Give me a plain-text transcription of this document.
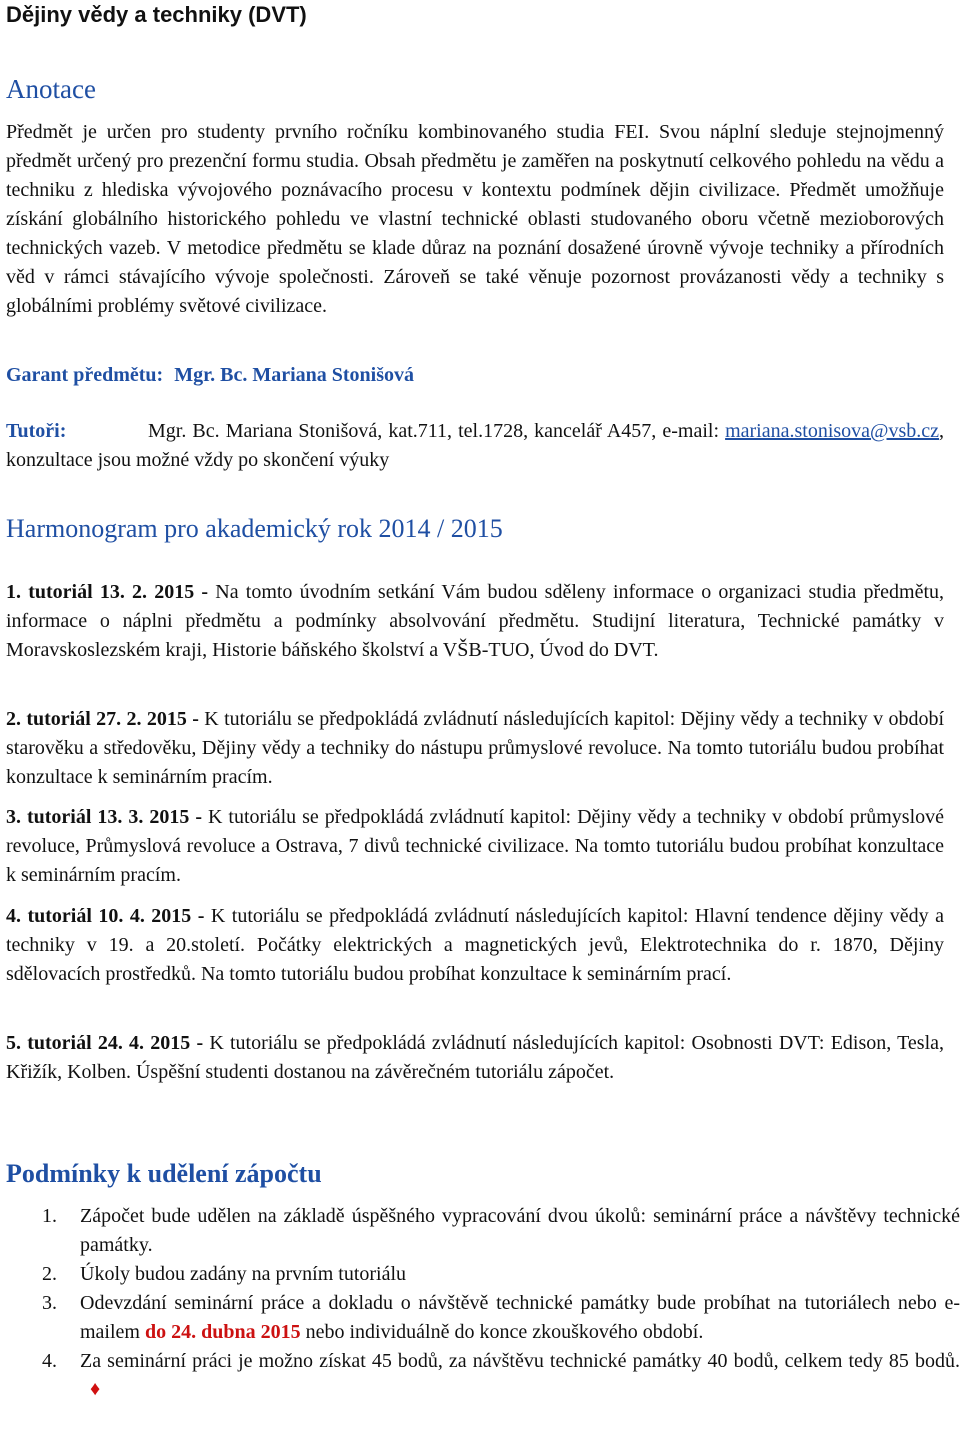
Dějiny vědy a techniky (DVT)
Anotace

Předmět je určen pro studenty prvního ročníku kombinovaného studia FEI. Svou náplní sleduje stejnojmenný předmět určený pro prezenční formu studia. Obsah předmětu je zaměřen na poskytnutí celkového pohledu na vědu a techniku z hlediska vývojového poznávacího procesu v kontextu podmínek dějin civilizace. Předmět umožňuje získání globálního historického pohledu ve vlastní technické oblasti studovaného oboru včetně mezioborových technických vazeb. V metodice předmětu se klade důraz na poznání dosažené úrovně vývoje techniky a přírodních věd v rámci stávajícího vývoje společnosti. Zároveň se také věnuje pozornost provázanosti vědy a techniky s globálními problémy světové civilizace.

Garant předmětu: Mgr. Bc. Mariana Stonišová

Tutoři:	Mgr. Bc. Mariana Stonišová, kat.711, tel.1728, kancelář A457, e-mail: mariana.stonisova@vsb.cz, konzultace jsou možné vždy po skončení výuky

Harmonogram pro akademický rok 2014 / 2015

1. tutoriál 13. 2. 2015 - Na tomto úvodním setkání Vám budou sděleny informace o organizaci studia předmětu, informace o náplni předmětu a podmínky absolvování předmětu. Studijní literatura, Technické památky v Moravskoslezském kraji, Historie báňského školství a VŠB-TUO, Úvod do DVT.

2. tutoriál 27. 2. 2015 - K tutoriálu se předpokládá zvládnutí následujících kapitol: Dějiny vědy a techniky v období starověku a středověku, Dějiny vědy a techniky do nástupu průmyslové revoluce. Na tomto tutoriálu budou probíhat konzultace k seminárním pracím.

3. tutoriál 13. 3. 2015 - K tutoriálu se předpokládá zvládnutí kapitol: Dějiny vědy a techniky v období průmyslové revoluce, Průmyslová revoluce a Ostrava, 7 divů technické civilizace. Na tomto tutoriálu budou probíhat konzultace k seminárním pracím.

4. tutoriál 10. 4. 2015 - K tutoriálu se předpokládá zvládnutí následujících kapitol: Hlavní tendence dějiny vědy a techniky v 19. a 20.století. Počátky elektrických a magnetických jevů, Elektrotechnika do r. 1870, Dějiny sdělovacích prostředků. Na tomto tutoriálu budou probíhat konzultace k seminárním prací.

5. tutoriál 24. 4. 2015 - K tutoriálu se předpokládá zvládnutí následujících kapitol: Osobnosti DVT: Edison, Tesla, Křižík, Kolben. Úspěšní studenti dostanou na závěrečném tutoriálu zápočet.

Podmínky k udělení zápočtu
1. Zápočet bude udělen na základě úspěšného vypracování dvou úkolů: seminární práce a návštěvy technické památky.
2. Úkoly budou zadány na prvním tutoriálu
3. Odevzdání seminární práce a dokladu o návštěvě technické památky bude probíhat na tutoriálech nebo e-mailem do 24. dubna 2015 nebo individuálně do konce zkouškového období.
4. Za seminární práci je možno získat 45 bodů, za návštěvu technické památky 40 bodů, celkem tedy 85 bodů.♦
